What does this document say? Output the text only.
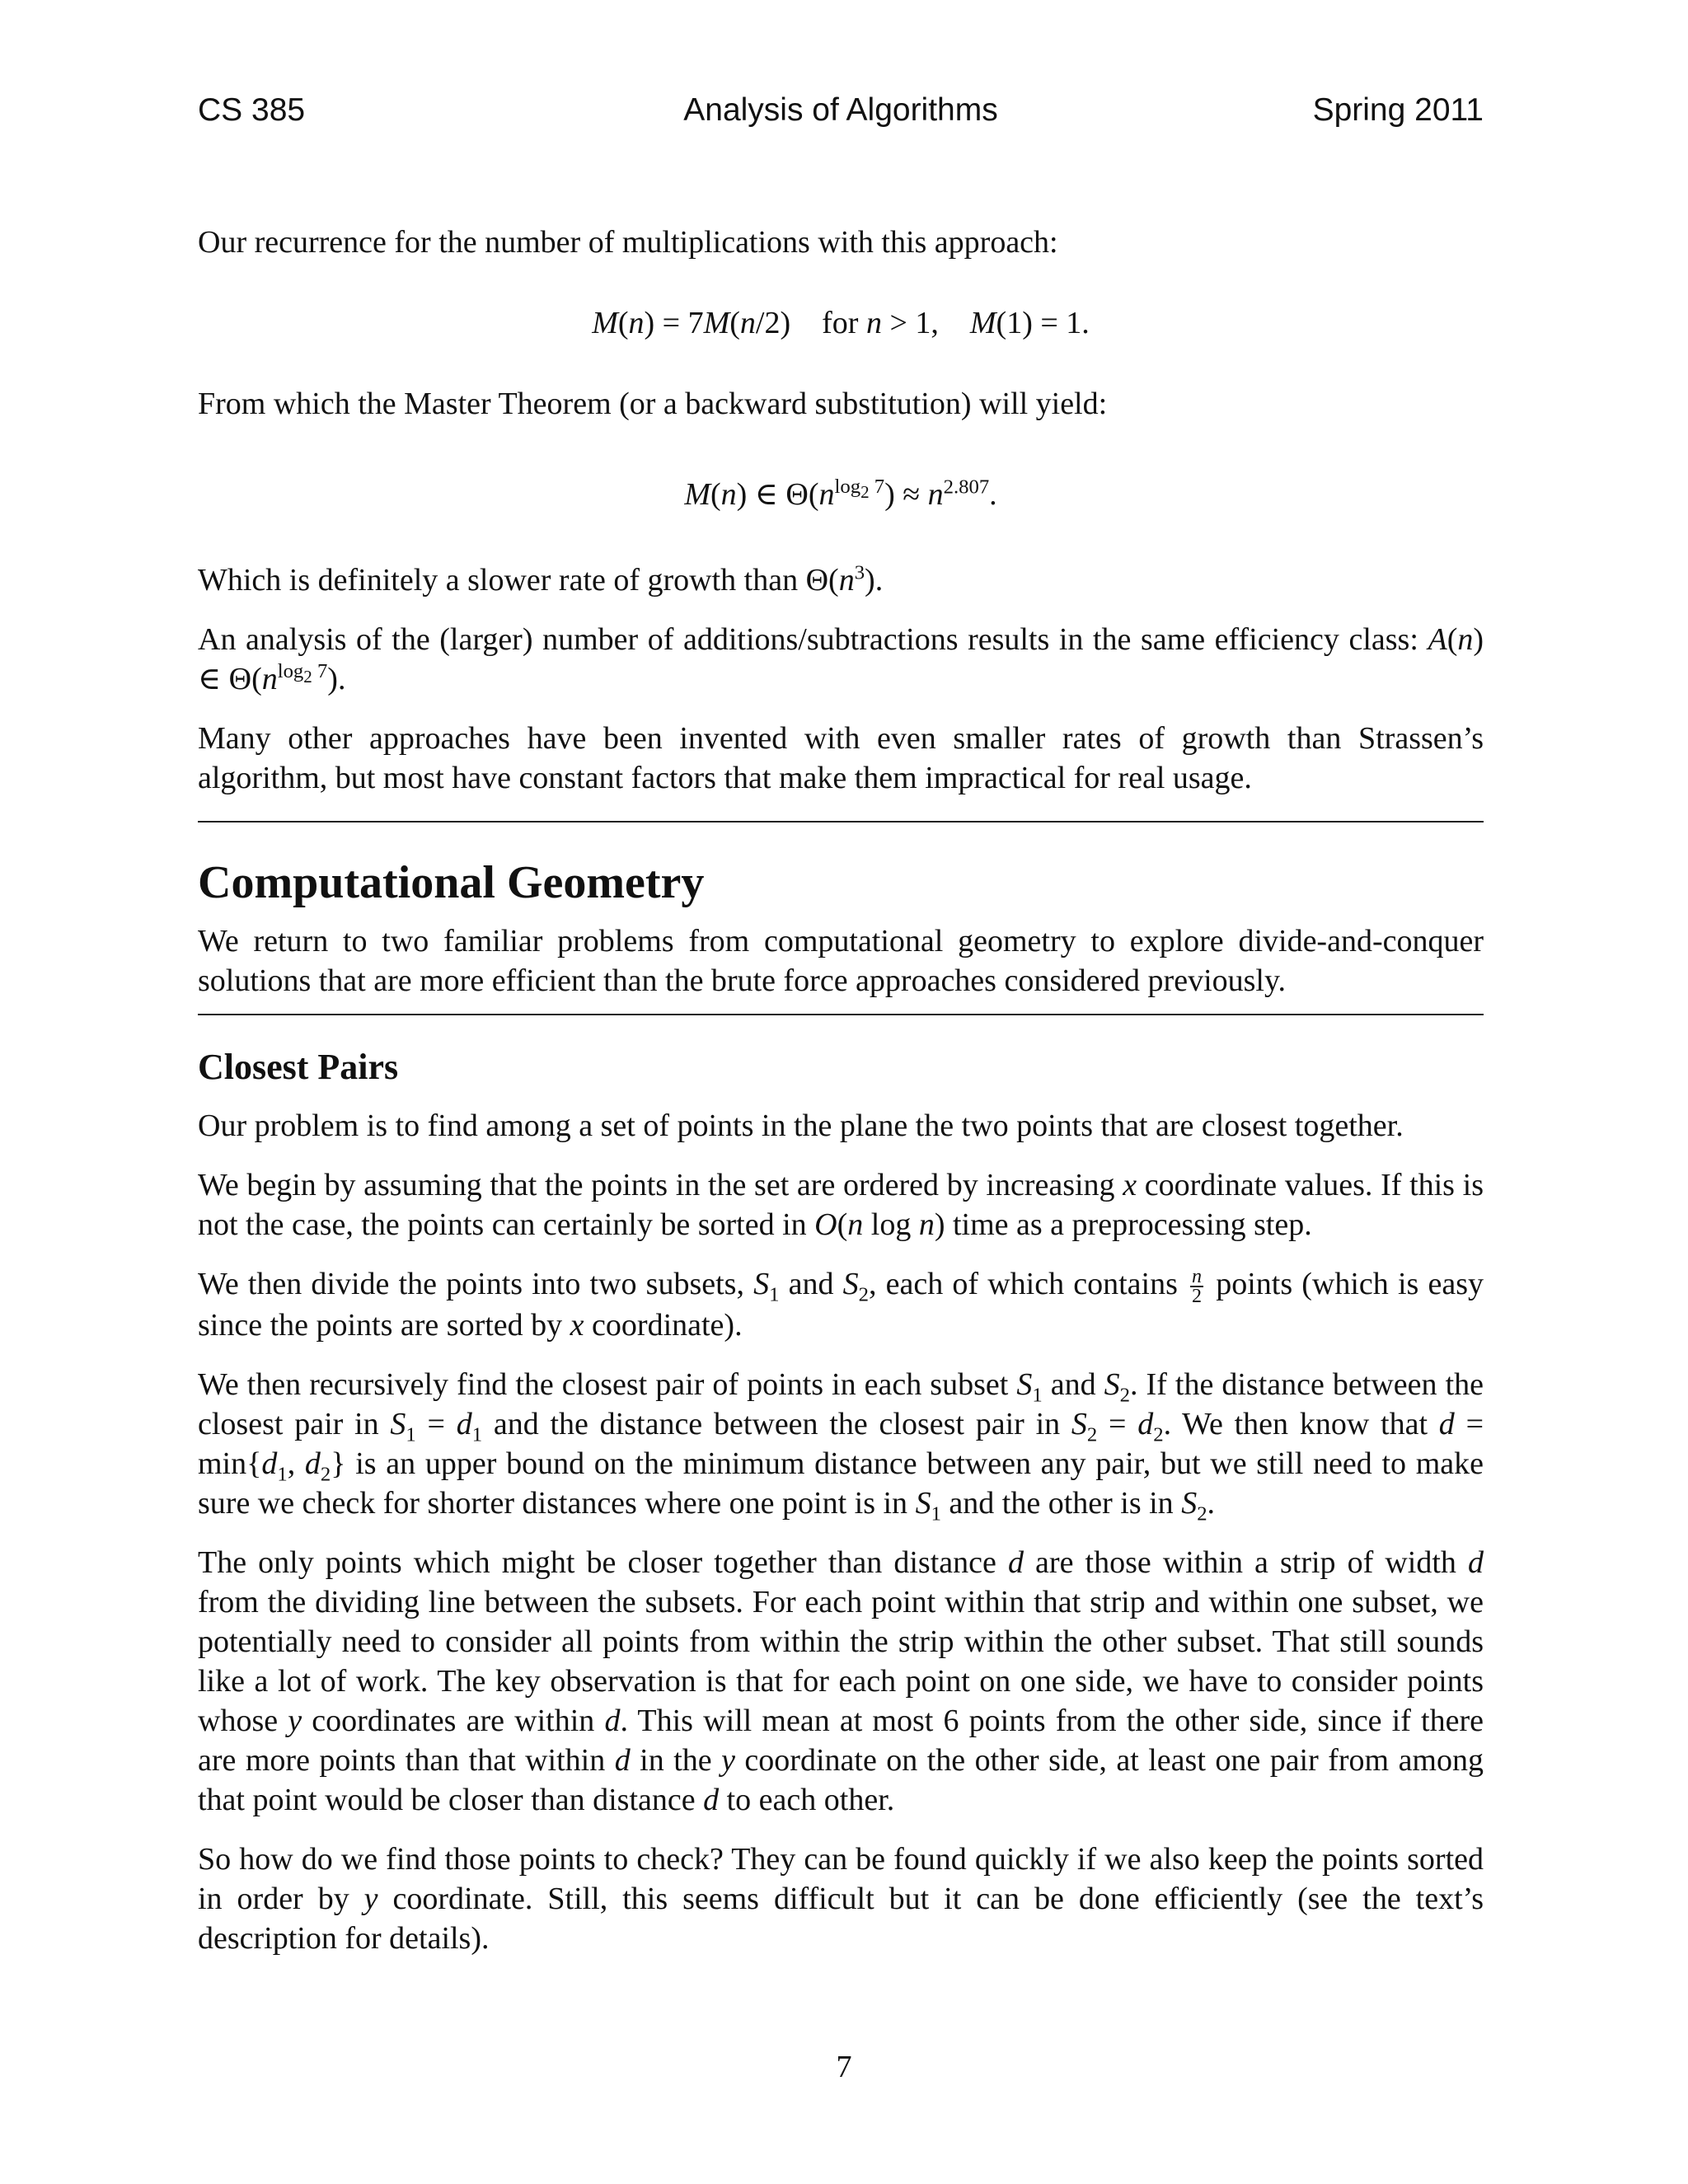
CS 385	Analysis of Algorithms	Spring 2011

Our recurrence for the number of multiplications with this approach:

M(n) = 7M(n/2)    for n > 1,    M(1) = 1.

From which the Master Theorem (or a backward substitution) will yield:

M(n) ∈ $\Theta(n^{log_2 7}) \approx n^{2.807}$.

Which is definitely a slower rate of growth than $\Theta(n^3)$.

An analysis of the (larger) number of additions/subtractions results in the same efficiency class: A(n) ∈ $\Theta(n^{log_2 7})$.

Many other approaches have been invented with even smaller rates of growth than Strassen’s algorithm, but most have constant factors that make them impractical for real usage.

Computational Geometry

We return to two familiar problems from computational geometry to explore divide-and-conquer solutions that are more efficient than the brute force approaches considered previously.

Closest Pairs

Our problem is to find among a set of points in the plane the two points that are closest together.

We begin by assuming that the points in the set are ordered by increasing x coordinate values. If this is not the case, the points can certainly be sorted in O(n log n) time as a preprocessing step.

We then divide the points into two subsets, $S_1$ and $S_2$, each of which contains $\frac{n}{2}$ points (which is easy since the points are sorted by x coordinate).

We then recursively find the closest pair of points in each subset $S_1$ and $S_2$. If the distance between the closest pair in $S_1 = d_1$ and the distance between the closest pair in $S_2 = d_2$. We then know that $d = \min\{d_1$, $d_2$} is an upper bound on the minimum distance between any pair, but we still need to make sure we check for shorter distances where one point is in $S_1$ and the other is in $S_2$.

The only points which might be closer together than distance d are those within a strip of width d from the dividing line between the subsets. For each point within that strip and within one subset, we potentially need to consider all points from within the strip within the other subset. That still sounds like a lot of work. The key observation is that for each point on one side, we have to consider points whose y coordinates are within d. This will mean at most 6 points from the other side, since if there are more points than that within d in the y coordinate on the other side, at least one pair from among that point would be closer than distance d to each other.

So how do we find those points to check? They can be found quickly if we also keep the points sorted in order by y coordinate. Still, this seems difficult but it can be done efficiently (see the text’s description for details).

7
